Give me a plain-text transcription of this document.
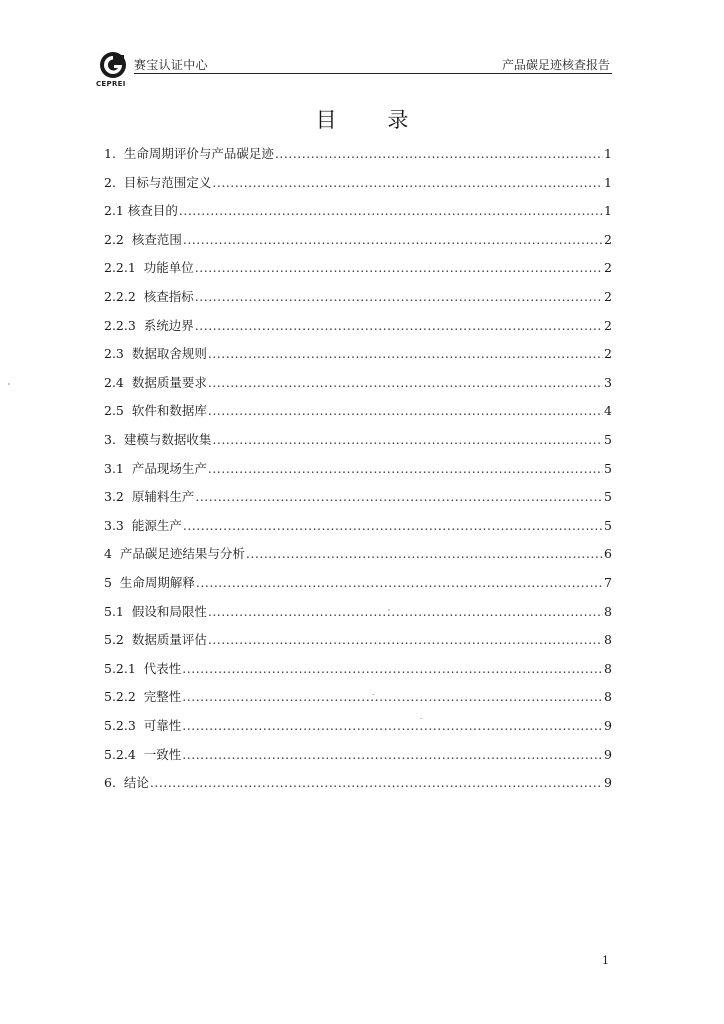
赛宝认证中心
CEPREI
产品碳足迹核查报告
目 录
1. 生命周期评价与产品碳足迹 .....	1
2. 目标与范围定义 .....	1
2.1 核查目的 .....	1
2.2 核查范围 .....	2
2.2.1 功能单位 .....	2
2.2.2 核查指标 .....	2
2.2.3 系统边界 .....	2
2.3 数据取舍规则 .....	2
2.4 数据质量要求 .....	3
2.5 软件和数据库 .....	4
3. 建模与数据收集 .....	5
3.1 产品现场生产 .....	5
3.2 原辅料生产 .....	5
3.3 能源生产 .....	5
4 产品碳足迹结果与分析 .....	6
5 生命周期解释 .....	7
5.1 假设和局限性 .....	8
5.2 数据质量评估 .....	8
5.2.1 代表性 .....	8
5.2.2 完整性 .....	8
5.2.3 可靠性 .....	9
5.2.4 一致性 .....	9
6. 结论 .....	9
1
